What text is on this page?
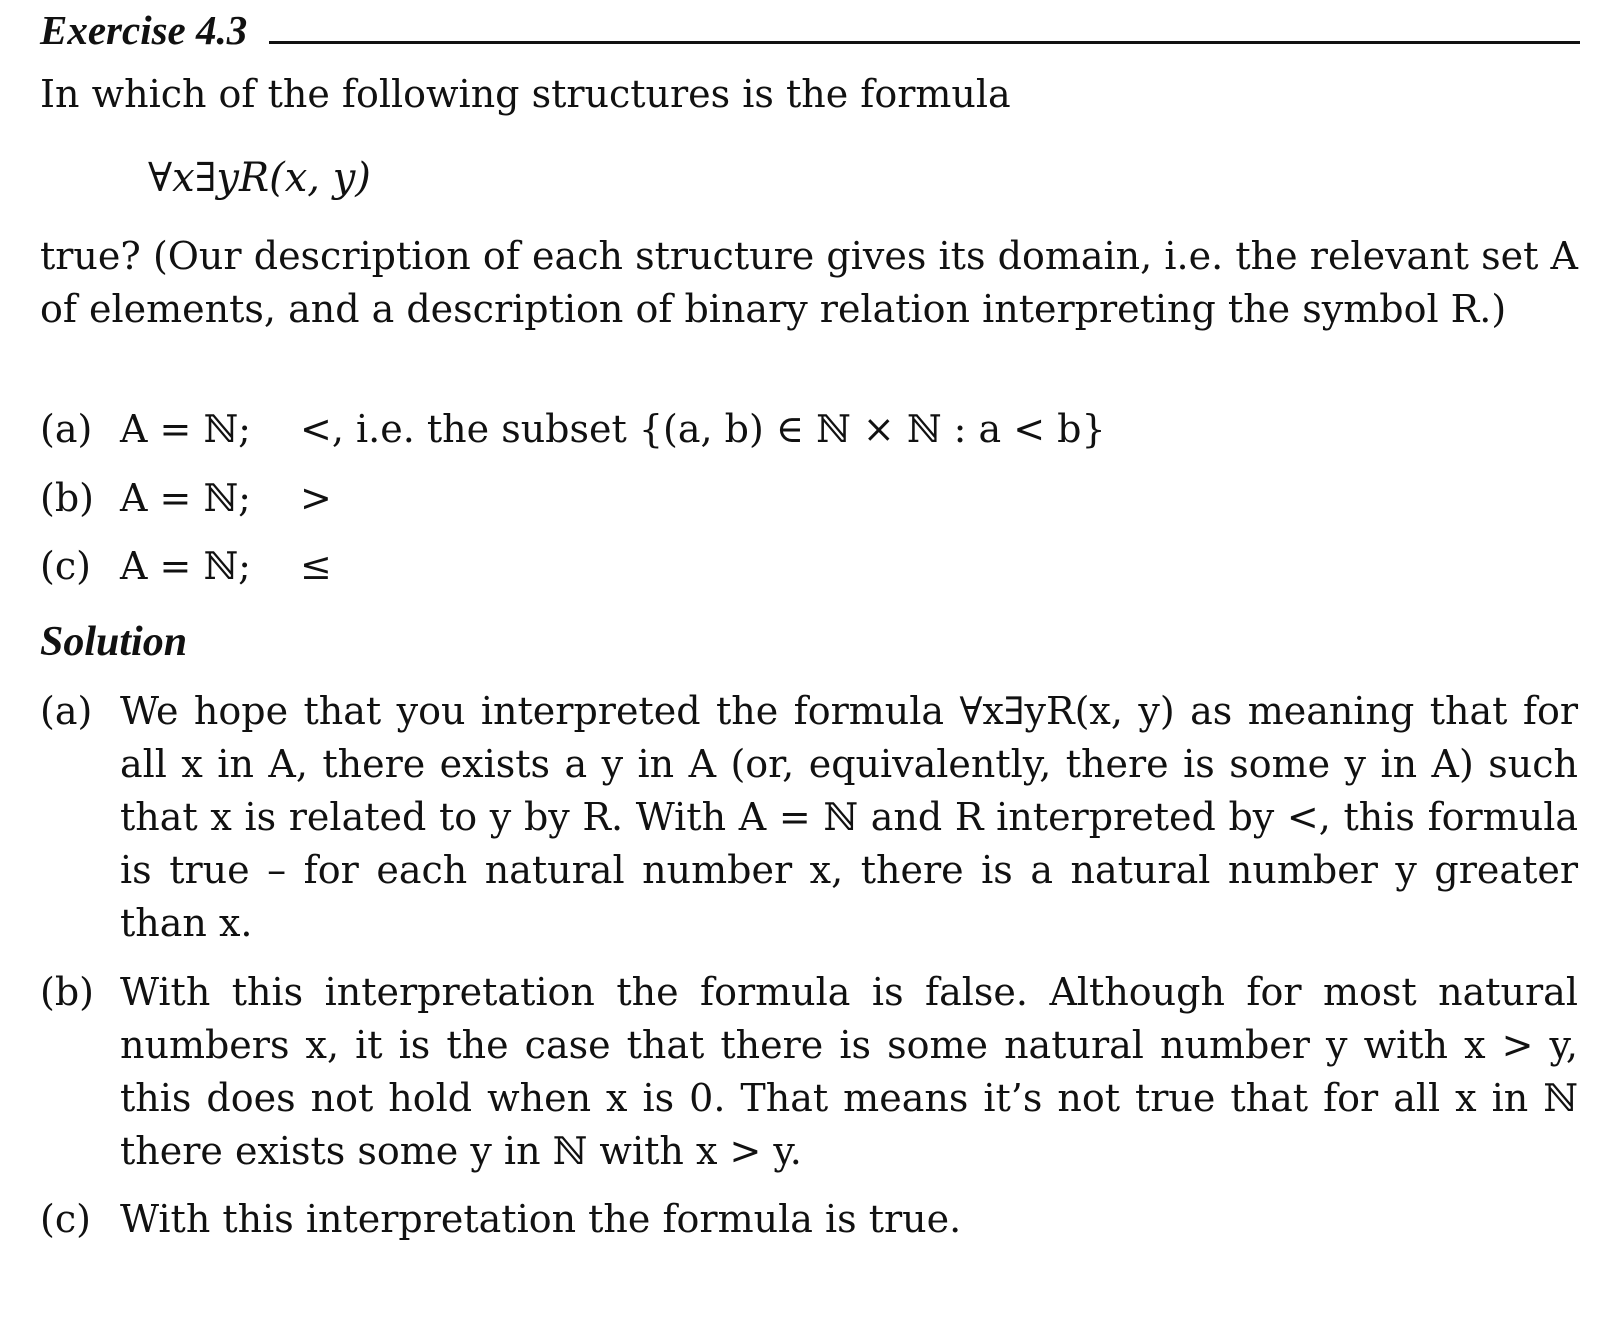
Exercise 4.3
In which of the following structures is the formula
∀x∃yR(x, y)
true? (Our description of each structure gives its domain, i.e. the relevant set A of elements, and a description of binary relation interpreting the symbol R.)
(a) A = ℕ; <, i.e. the subset {(a, b) ∈ ℕ × ℕ : a < b}
(b) A = ℕ; >
(c) A = ℕ; ≤
Solution
(a) We hope that you interpreted the formula ∀x∃yR(x, y) as meaning that for all x in A, there exists a y in A (or, equivalently, there is some y in A) such that x is related to y by R. With A = ℕ and R interpreted by <, this formula is true – for each natural number x, there is a natural number y greater than x.
(b) With this interpretation the formula is false. Although for most natural numbers x, it is the case that there is some natural number y with x > y, this does not hold when x is 0. That means it’s not true that for all x in ℕ there exists some y in ℕ with x > y.
(c) With this interpretation the formula is true.
